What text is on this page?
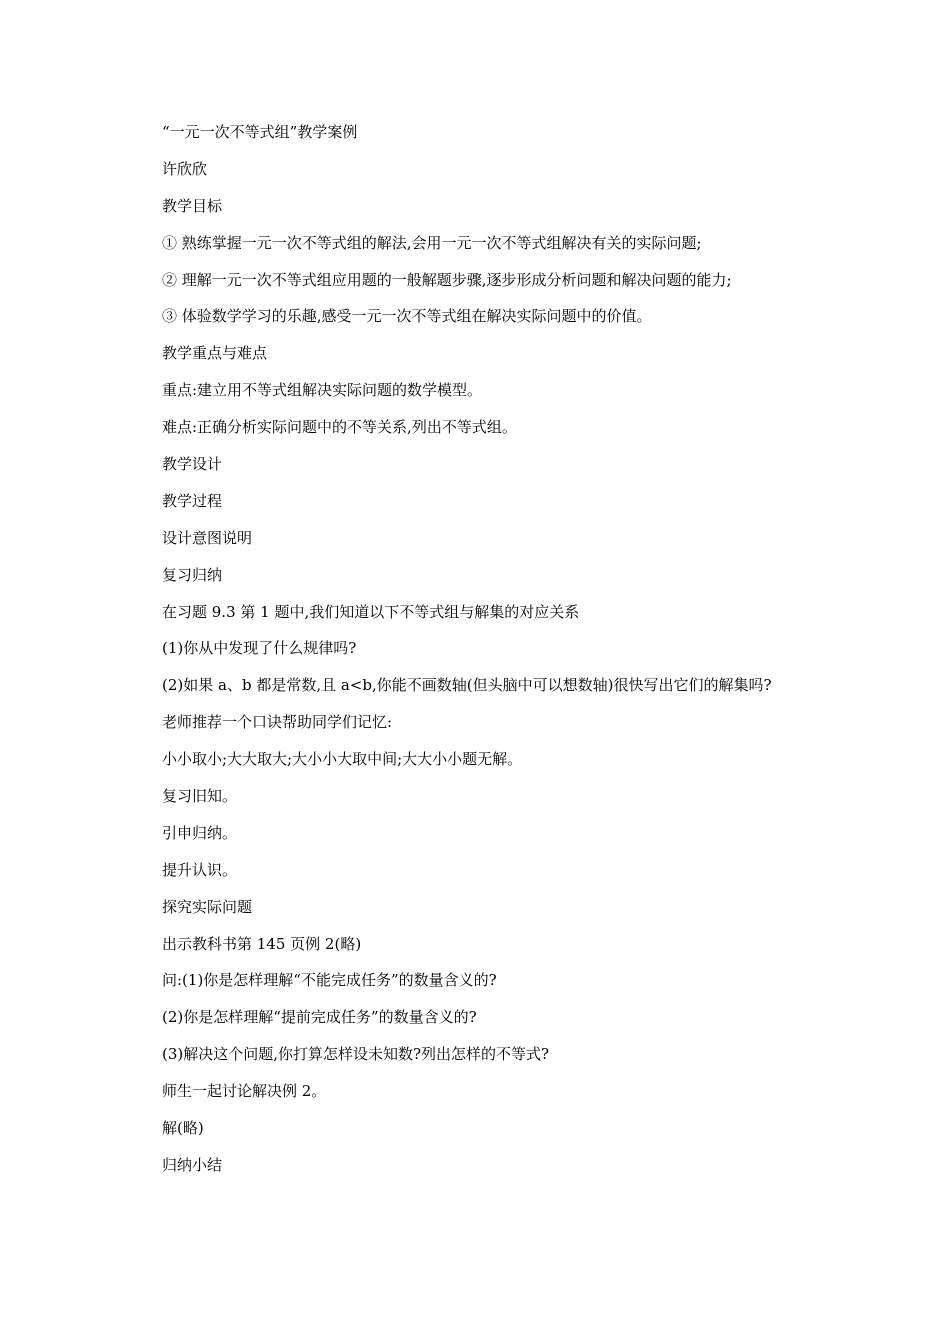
“一元一次不等式组”教学案例
许欣欣
教学目标
① 熟练掌握一元一次不等式组的解法,会用一元一次不等式组解决有关的实际问题;
② 理解一元一次不等式组应用题的一般解题步骤,逐步形成分析问题和解决问题的能力;
③ 体验数学学习的乐趣,感受一元一次不等式组在解决实际问题中的价值。
教学重点与难点
重点:建立用不等式组解决实际问题的数学模型。
难点:正确分析实际问题中的不等关系,列出不等式组。
教学设计
教学过程
设计意图说明
复习归纳
在习题 9.3 第 1 题中,我们知道以下不等式组与解集的对应关系
(1)你从中发现了什么规律吗?
(2)如果 a、b 都是常数,且 a<b,你能不画数轴(但头脑中可以想数轴)很快写出它们的解集吗?
老师推荐一个口诀帮助同学们记忆:
小小取小;大大取大;大小小大取中间;大大小小题无解。
复习旧知。
引申归纳。
提升认识。
探究实际问题
出示教科书第 145 页例 2(略)
问:(1)你是怎样理解“不能完成任务”的数量含义的?
(2)你是怎样理解“提前完成任务”的数量含义的?
(3)解决这个问题,你打算怎样设未知数?列出怎样的不等式?
师生一起讨论解决例 2。
解(略)
归纳小结
